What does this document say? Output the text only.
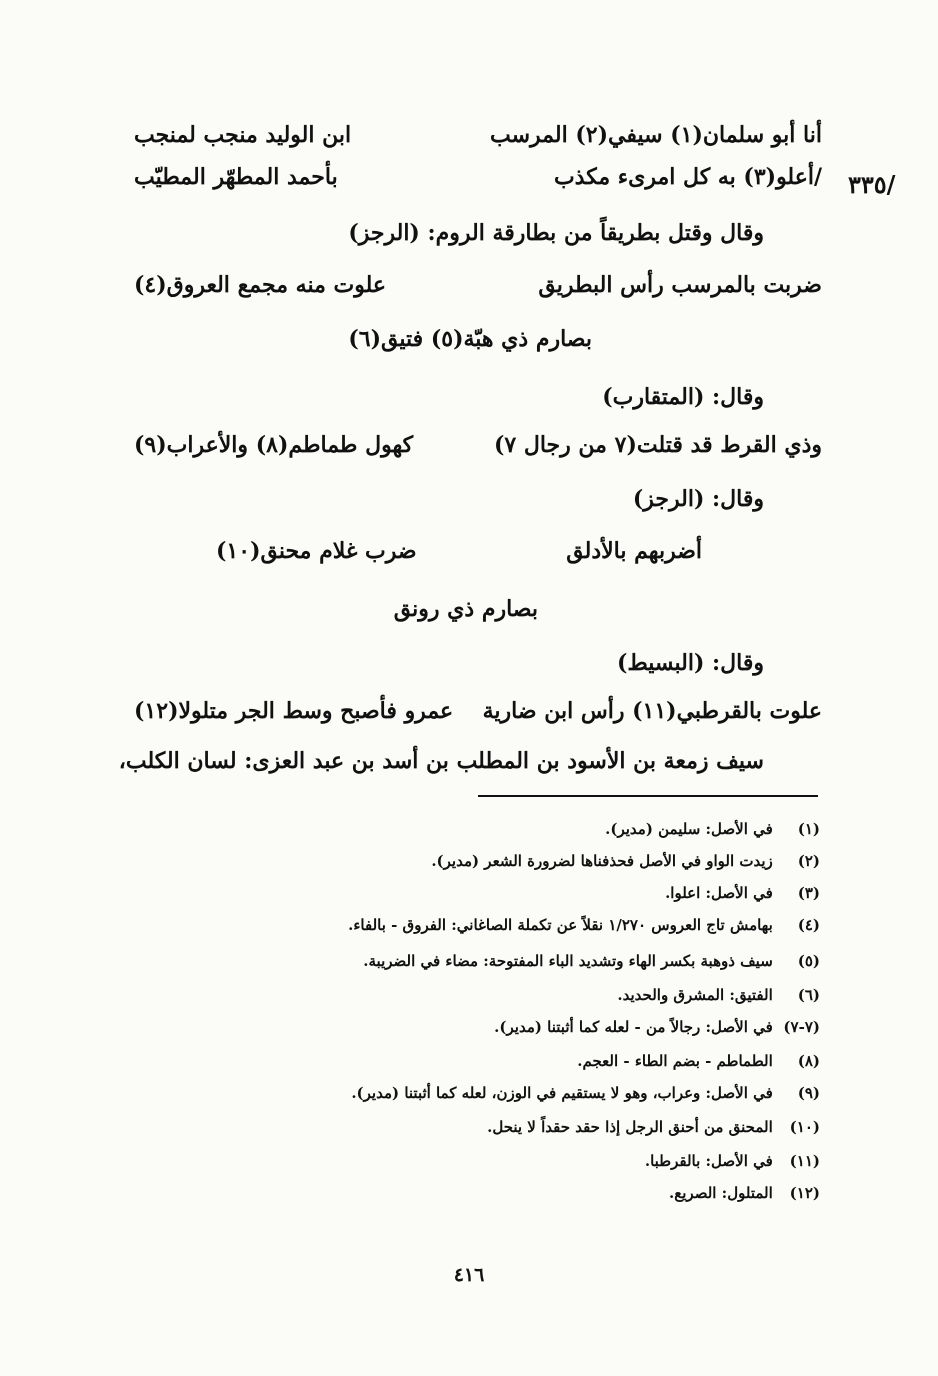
/٣٣٥
أنا أبو سلمان(١) سيفي(٢) المرسب
ابن الوليد منجب لمنجب
/أعلو(٣) به كل امرىء مكذب
بأحمد المطهّر المطيّب
وقال وقتل بطريقاً من بطارقة الروم: (الرجز)
ضربت بالمرسب رأس البطريق
علوت منه مجمع العروق(٤)
بصارم ذي هبّة(٥) فتيق(٦)
وقال: (المتقارب)
وذي القرط قد قتلت(٧ من رجال ٧)
كهول طماطم(٨) والأعراب(٩)
وقال: (الرجز)
أضربهم بالأدلق
ضرب غلام محنق(١٠)
بصارم ذي رونق
وقال: (البسيط)
علوت بالقرطبي(١١) رأس ابن ضارية
عمرو فأصبح وسط الجر متلولا(١٢)
سيف زمعة بن الأسود بن المطلب بن أسد بن عبد العزى: لسان الكلب،
(١) في الأصل: سليمن (مدير).
(٢) زيدت الواو في الأصل فحذفناها لضرورة الشعر (مدير).
(٣) في الأصل: اعلوا.
(٤) بهامش تاج العروس ١/٢٧٠ نقلاً عن تكملة الصاغاني: الفروق - بالفاء.
(٥) سيف ذوهبة بكسر الهاء وتشديد الباء المفتوحة: مضاء في الضريبة.
(٦) الفتيق: المشرق والحديد.
(٧-٧) في الأصل: رجالاً من - لعله كما أثبتنا (مدير).
(٨) الطماطم - بضم الطاء - العجم.
(٩) في الأصل: وعراب، وهو لا يستقيم في الوزن، لعله كما أثبتنا (مدير).
(١٠) المحنق من أحنق الرجل إذا حقد حقداً لا ينحل.
(١١) في الأصل: بالقرطبا.
(١٢) المتلول: الصريع.
٤١٦
